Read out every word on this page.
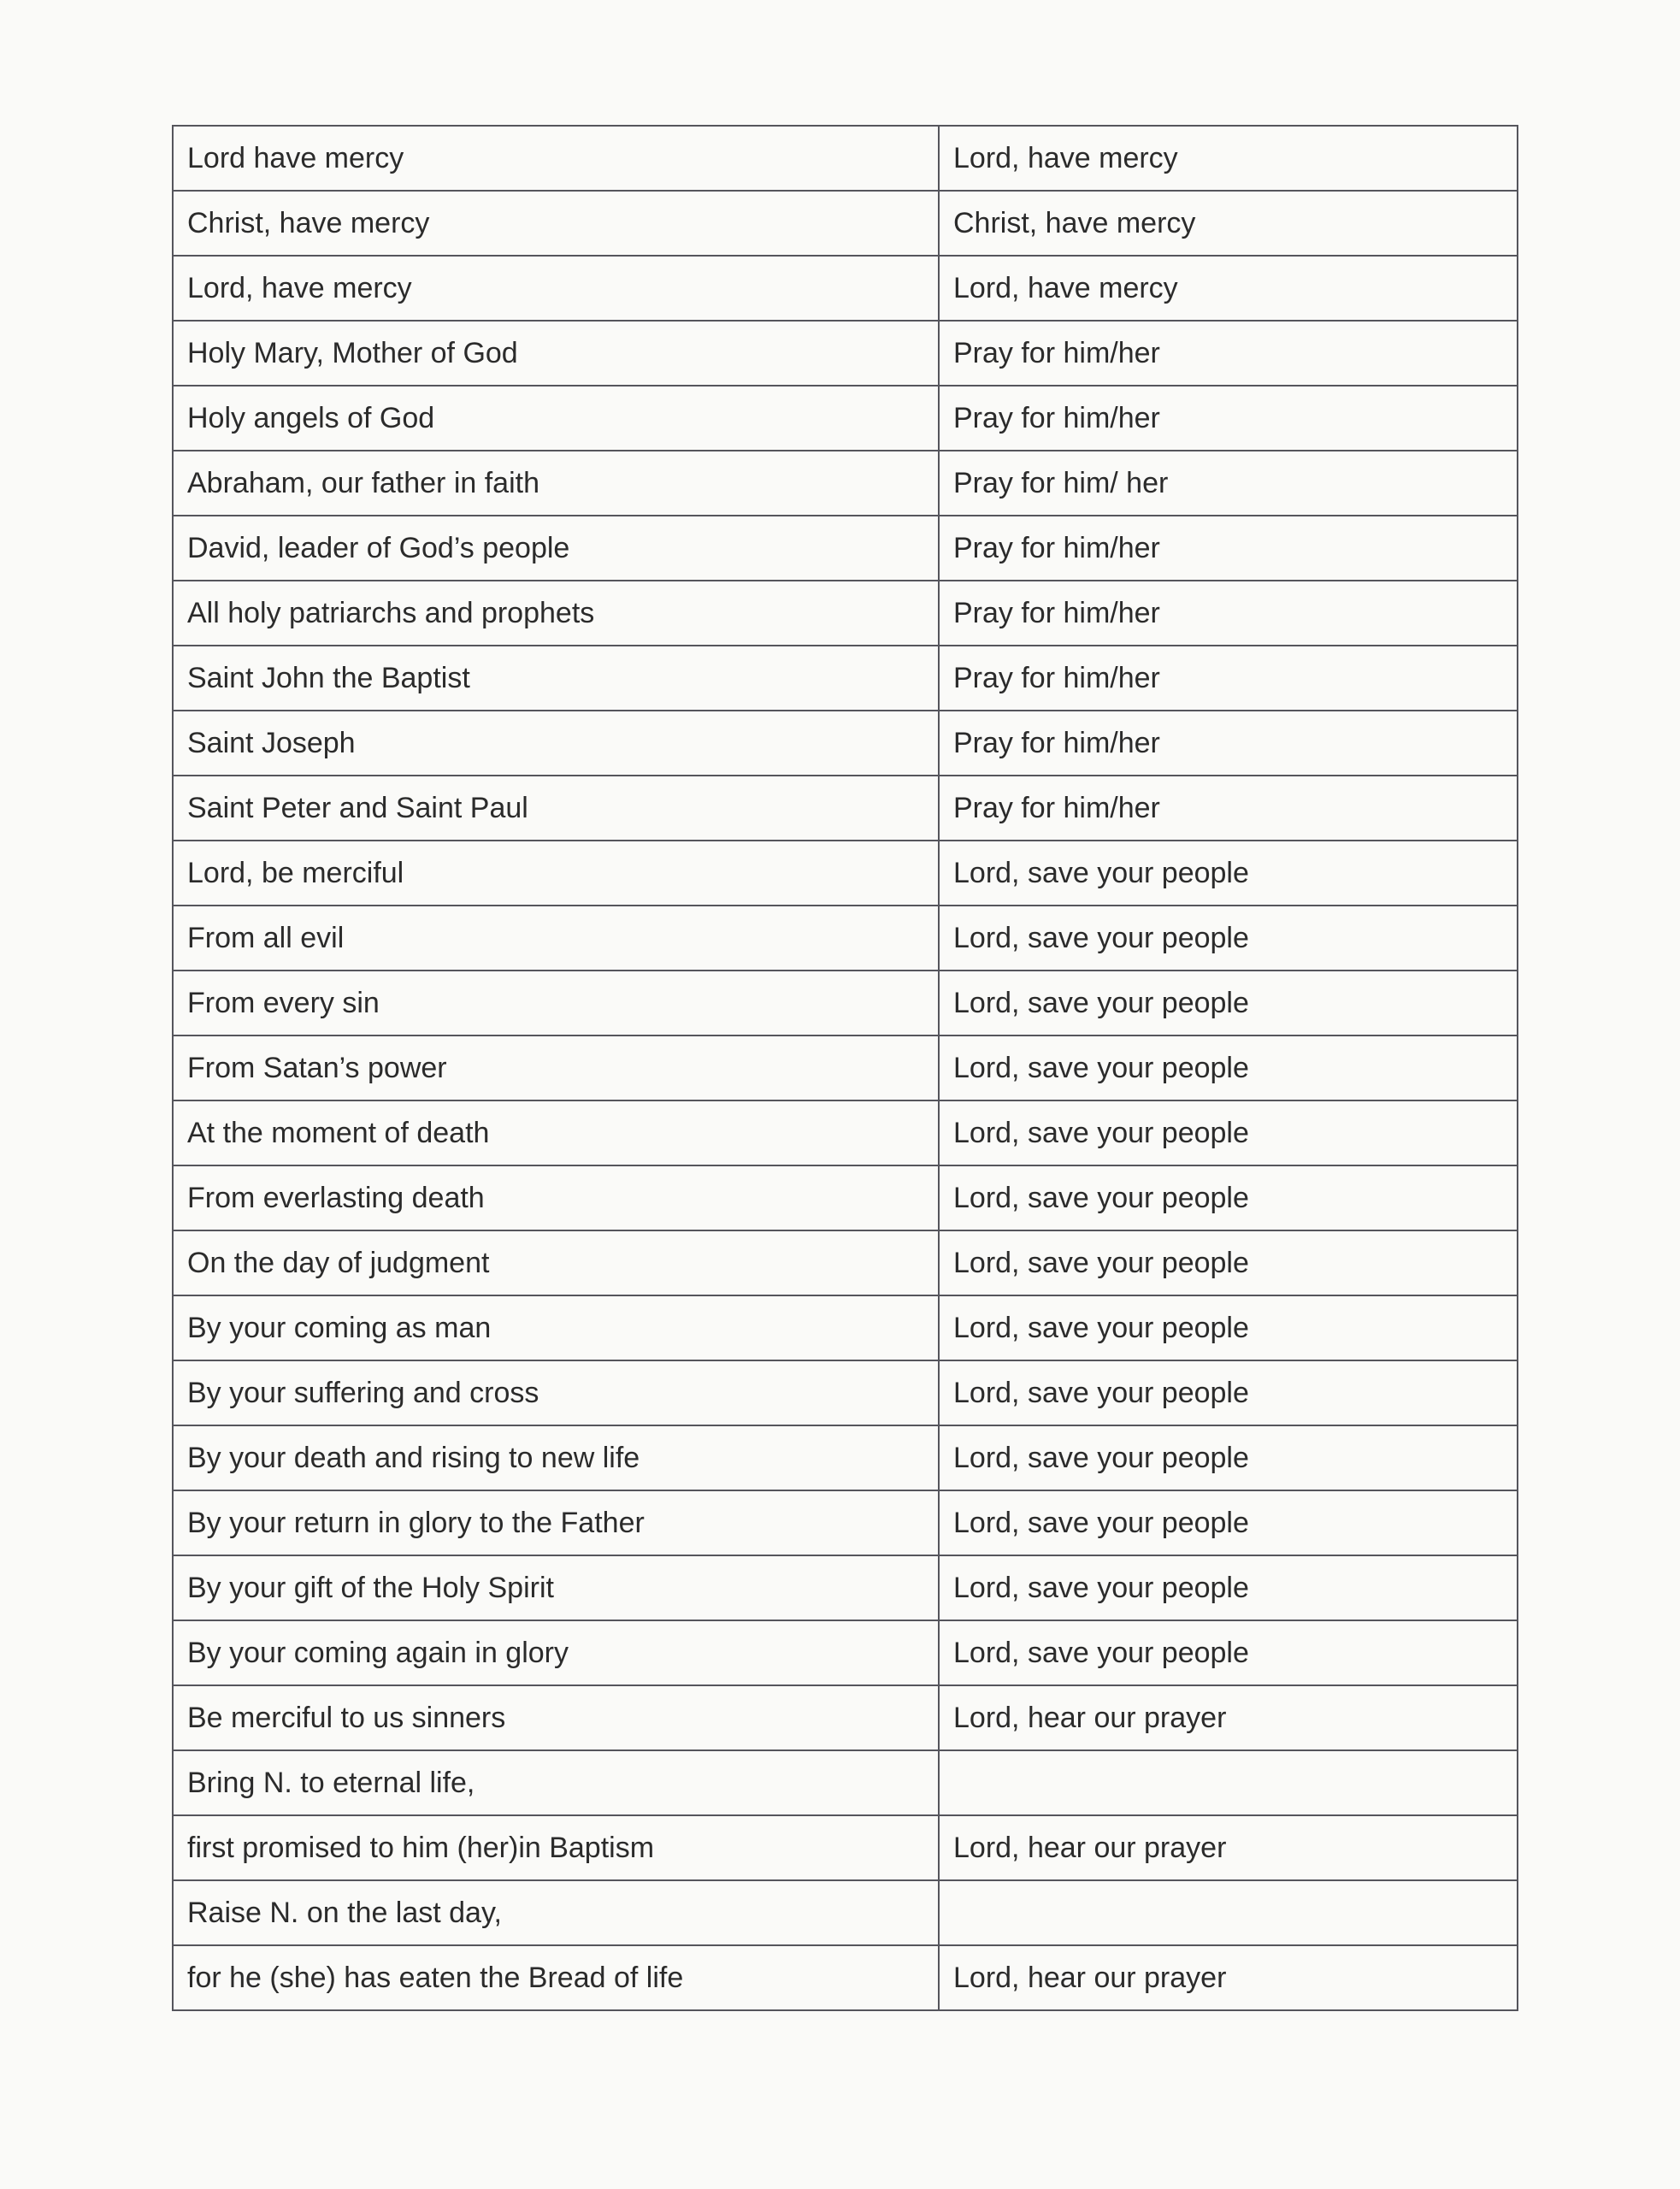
Lord have mercy	Lord, have mercy
Christ, have mercy	Christ, have mercy
Lord, have mercy	Lord, have mercy
Holy Mary, Mother of God	Pray for him/her
Holy angels of God	Pray for him/her
Abraham, our father in faith	Pray for him/ her
David, leader of God’s people	Pray for him/her
All holy patriarchs and prophets	Pray for him/her
Saint John the Baptist	Pray for him/her
Saint Joseph	Pray for him/her
Saint Peter and Saint Paul	Pray for him/her
Lord, be merciful	Lord, save your people
From all evil	Lord, save your people
From every sin	Lord, save your people
From Satan’s power	Lord, save your people
At the moment of death	Lord, save your people
From everlasting death	Lord, save your people
On the day of judgment	Lord, save your people
By your coming as man	Lord, save your people
By your suffering and cross	Lord, save your people
By your death and rising to new life	Lord, save your people
By your return in glory to the Father	Lord, save your people
By your gift of the Holy Spirit	Lord, save your people
By your coming again in glory	Lord, save your people
Be merciful to us sinners	Lord, hear our prayer
Bring N. to eternal life,	
first promised to him (her)in Baptism	Lord, hear our prayer
Raise N. on the last day,	
for he (she) has eaten the Bread of life	Lord, hear our prayer
